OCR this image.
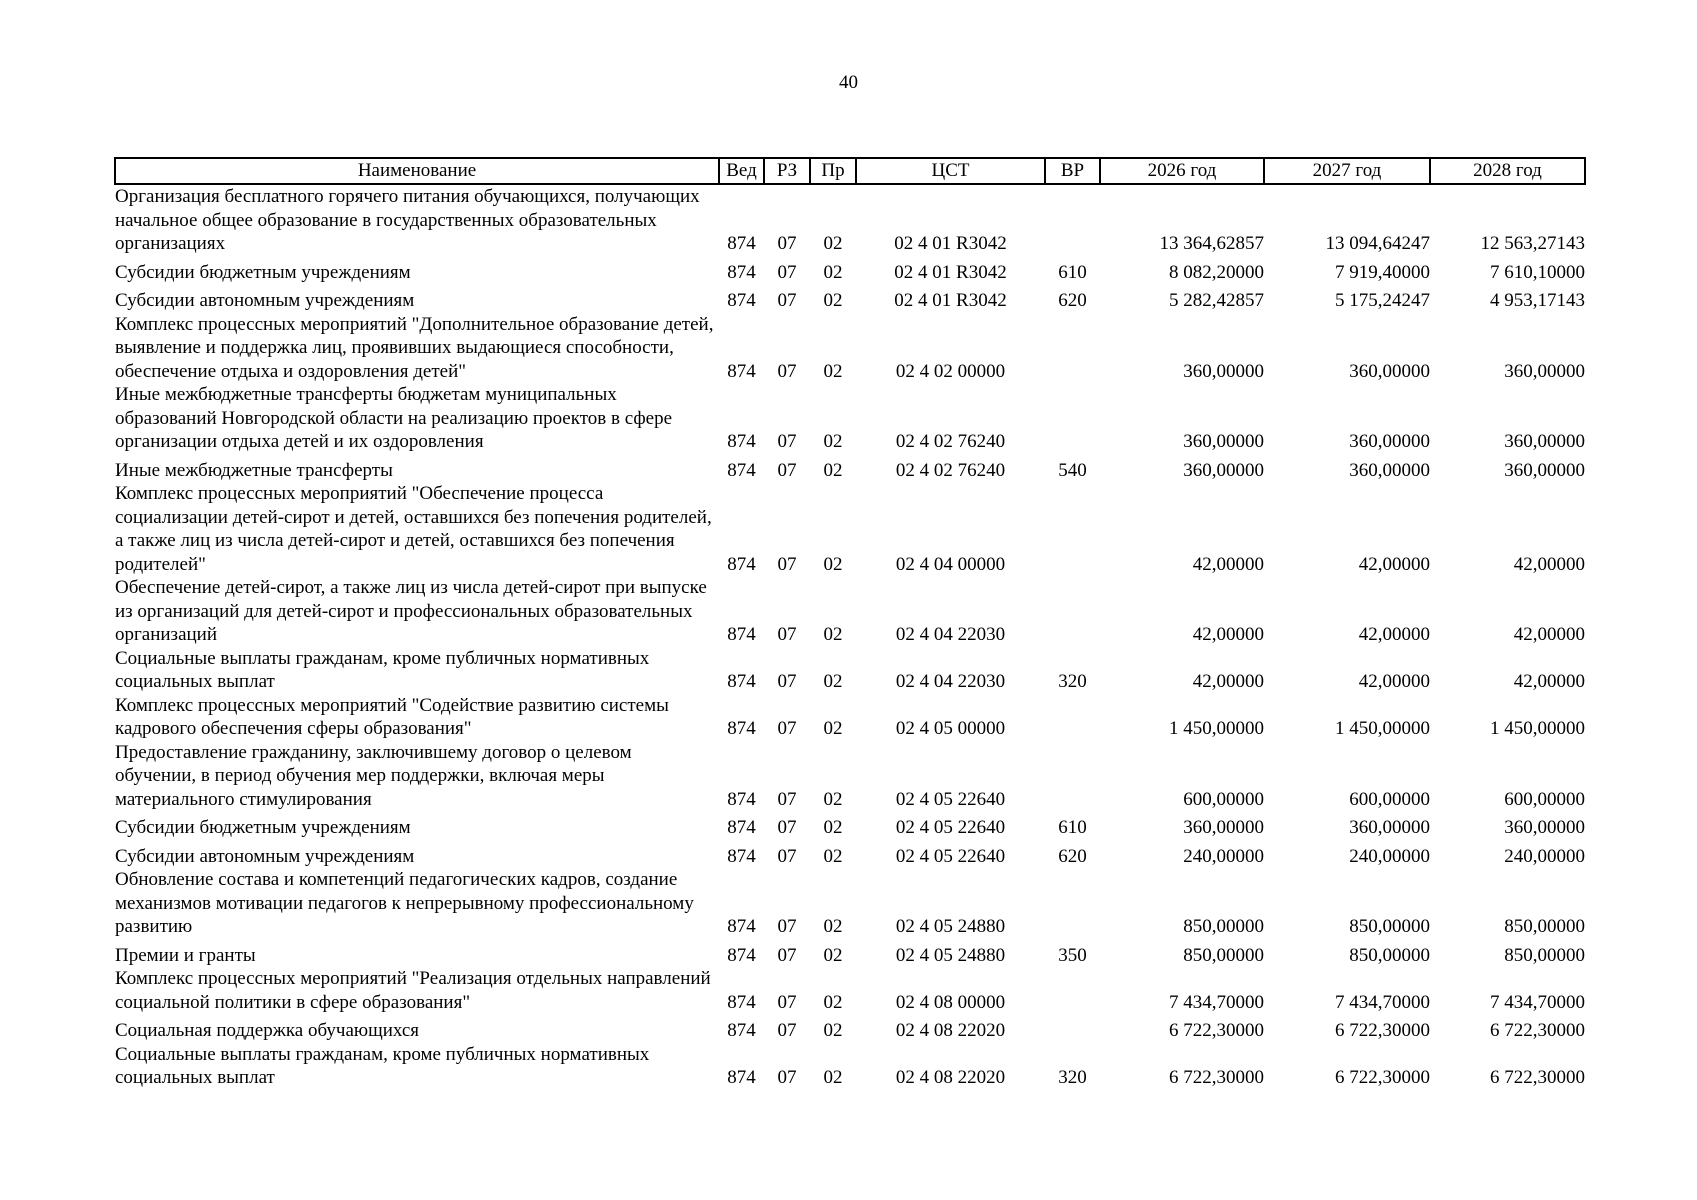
40
Наименование	Вед	РЗ	Пр	ЦСТ	ВР	2026 год	2027 год	2028 год
Организация бесплатного горячего питания обучающихся, получающих начальное общее образование в государственных образовательных организациях	874	07	02	02 4 01 R3042		13 364,62857	13 094,64247	12 563,27143
Субсидии бюджетным учреждениям	874	07	02	02 4 01 R3042	610	8 082,20000	7 919,40000	7 610,10000
Субсидии автономным учреждениям	874	07	02	02 4 01 R3042	620	5 282,42857	5 175,24247	4 953,17143
Комплекс процессных мероприятий "Дополнительное образование детей, выявление и поддержка лиц, проявивших выдающиеся способности, обеспечение отдыха и оздоровления детей"	874	07	02	02 4 02 00000		360,00000	360,00000	360,00000
Иные межбюджетные трансферты бюджетам муниципальных образований Новгородской области на реализацию проектов в сфере организации отдыха детей и их оздоровления	874	07	02	02 4 02 76240		360,00000	360,00000	360,00000
Иные межбюджетные трансферты	874	07	02	02 4 02 76240	540	360,00000	360,00000	360,00000
Комплекс процессных мероприятий "Обеспечение процесса социализации детей-сирот и детей, оставшихся без попечения родителей, а также лиц из числа детей-сирот и детей, оставшихся без попечения родителей"	874	07	02	02 4 04 00000		42,00000	42,00000	42,00000
Обеспечение детей-сирот, а также лиц из числа детей-сирот при выпуске из организаций для детей-сирот и профессиональных образовательных организаций	874	07	02	02 4 04 22030		42,00000	42,00000	42,00000
Социальные выплаты гражданам, кроме публичных нормативных социальных выплат	874	07	02	02 4 04 22030	320	42,00000	42,00000	42,00000
Комплекс процессных мероприятий "Содействие развитию системы кадрового обеспечения сферы образования"	874	07	02	02 4 05 00000		1 450,00000	1 450,00000	1 450,00000
Предоставление гражданину, заключившему договор о целевом обучении, в период обучения мер поддержки, включая меры материального стимулирования	874	07	02	02 4 05 22640		600,00000	600,00000	600,00000
Субсидии бюджетным учреждениям	874	07	02	02 4 05 22640	610	360,00000	360,00000	360,00000
Субсидии автономным учреждениям	874	07	02	02 4 05 22640	620	240,00000	240,00000	240,00000
Обновление состава и компетенций педагогических кадров, создание механизмов мотивации педагогов к непрерывному профессиональному развитию	874	07	02	02 4 05 24880		850,00000	850,00000	850,00000
Премии и гранты	874	07	02	02 4 05 24880	350	850,00000	850,00000	850,00000
Комплекс процессных мероприятий "Реализация отдельных направлений социальной политики в сфере образования"	874	07	02	02 4 08 00000		7 434,70000	7 434,70000	7 434,70000
Социальная поддержка обучающихся	874	07	02	02 4 08 22020		6 722,30000	6 722,30000	6 722,30000
Социальные выплаты гражданам, кроме публичных нормативных социальных выплат	874	07	02	02 4 08 22020	320	6 722,30000	6 722,30000	6 722,30000
